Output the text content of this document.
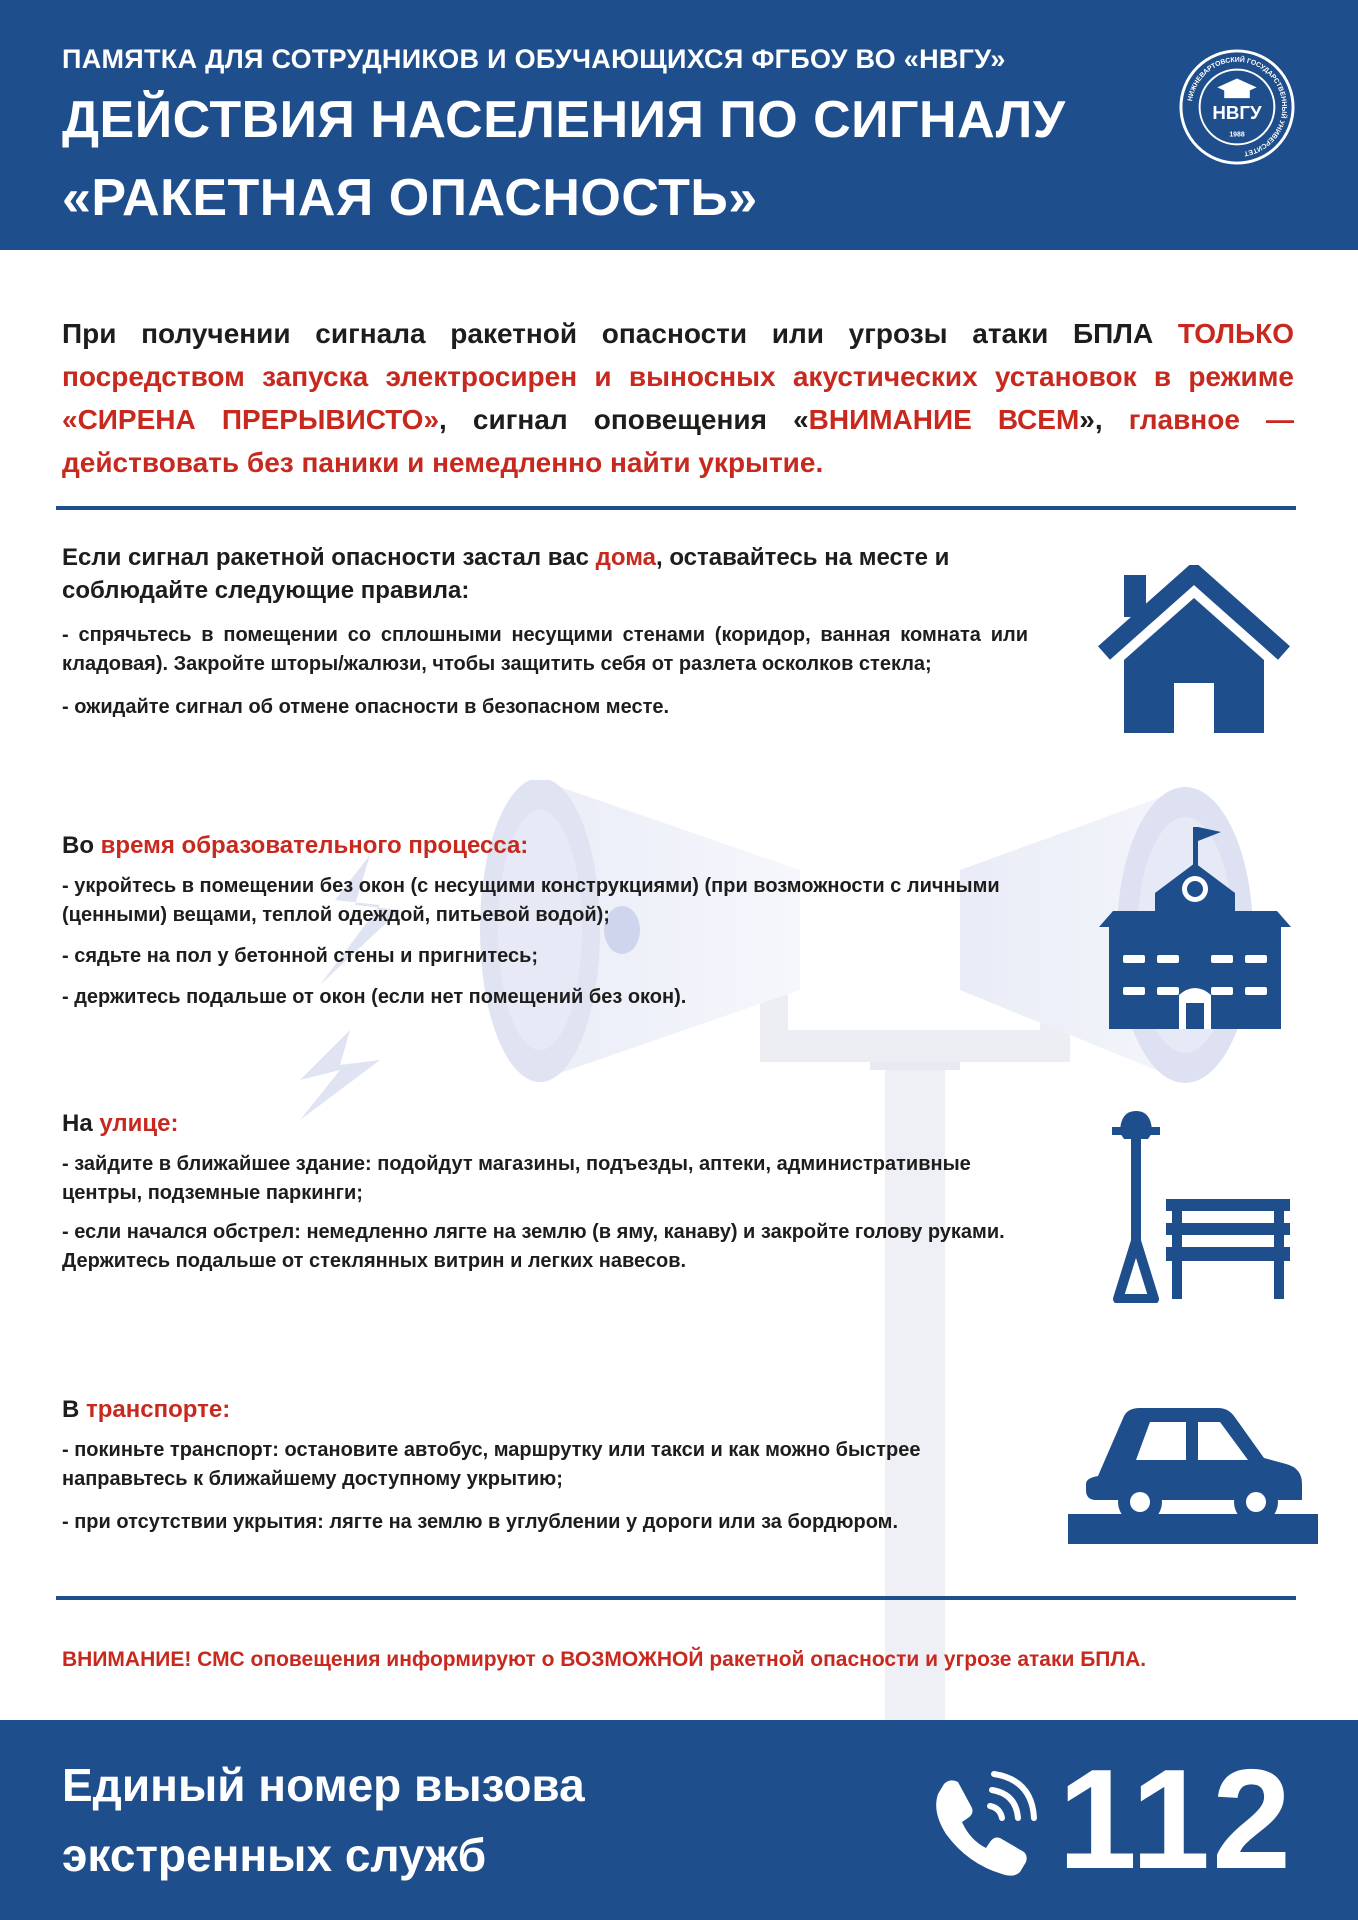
ПАМЯТКА ДЛЯ СОТРУДНИКОВ И ОБУЧАЮЩИХСЯ ФГБОУ ВО «НВГУ»
ДЕЙСТВИЯ НАСЕЛЕНИЯ ПО СИГНАЛУ
«РАКЕТНАЯ ОПАСНОСТЬ»
НИЖНЕВАРТОВСКИЙ ГОСУДАРСТВЕННЫЙ УНИВЕРСИТЕТ
НВГУ
1988
При получении сигнала ракетной опасности или угрозы атаки БПЛА ТОЛЬКО посредством запуска электросирен и выносных акустических установок в режиме «СИРЕНА ПРЕРЫВИСТО», сигнал оповещения «ВНИМАНИЕ ВСЕМ», главное — действовать без паники и немедленно найти укрытие.
Если сигнал ракетной опасности застал вас дома, оставайтесь на месте и соблюдайте следующие правила:
- спрячьтесь в помещении со сплошными несущими стенами (коридор, ванная комната или кладовая). Закройте шторы/жалюзи, чтобы защитить себя от разлета осколков стекла;
- ожидайте сигнал об отмене опасности в безопасном месте.
Во время образовательного процесса:
- укройтесь в помещении без окон (с несущими конструкциями) (при возможности с личными (ценными) вещами, теплой одеждой, питьевой водой);
- сядьте на пол у бетонной стены и пригнитесь;
- держитесь подальше от окон (если нет помещений без окон).
На улице:
- зайдите в ближайшее здание: подойдут магазины, подъезды, аптеки, административные центры, подземные паркинги;
- если начался обстрел: немедленно лягте на землю (в яму, канаву) и закройте голову руками. Держитесь подальше от стеклянных витрин и легких навесов.
В транспорте:
- покиньте транспорт: остановите автобус, маршрутку или такси и как можно быстрее направьтесь к ближайшему доступному укрытию;
- при отсутствии укрытия: лягте на землю в углублении у дороги или за бордюром.
ВНИМАНИЕ! СМС оповещения информируют о ВОЗМОЖНОЙ ракетной опасности и угрозе атаки БПЛА.
Единый номер вызова
экстренных служб	112
